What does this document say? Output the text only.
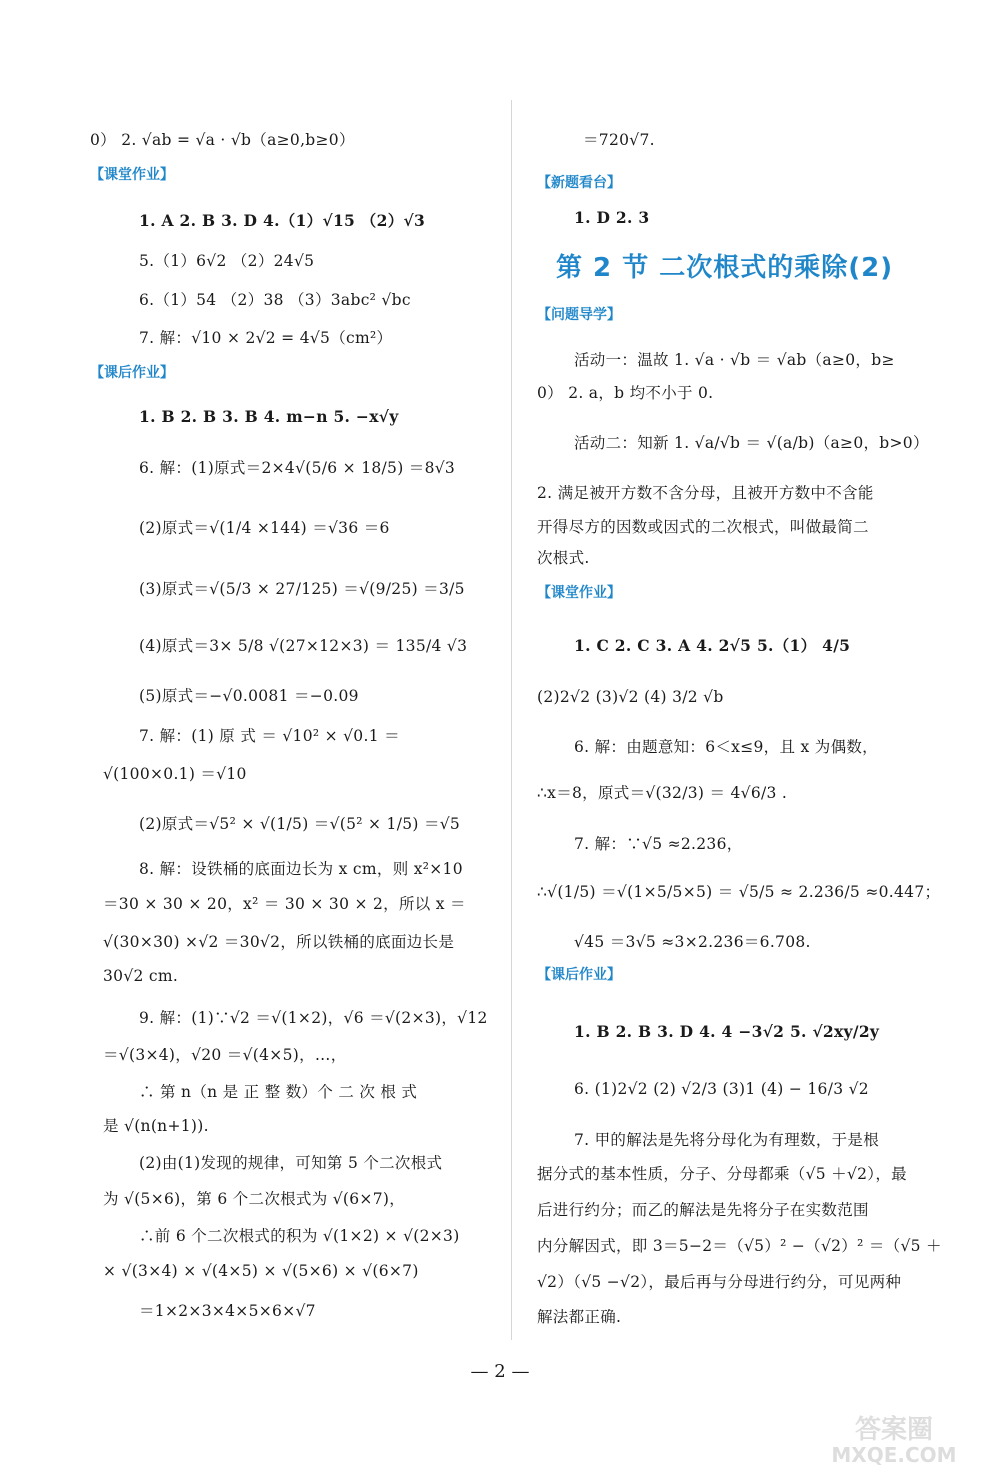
0） 2. √ab = √a · √b（a≥0,b≥0）
【课堂作业】
1. A 2. B 3. D 4.（1）√15 （2）√3
5.（1）6√2 （2）24√5
6.（1）54 （2）38 （3）3abc² √bc
7. 解：√10 × 2√2 = 4√5（cm²）
【课后作业】
1. B 2. B 3. B 4. m−n 5. −x√y
6. 解：(1)原式＝2×4√(5/6 × 18/5) ＝8√3
(2)原式＝√(1/4 ×144) ＝√36 ＝6
(3)原式＝√(5/3 × 27/125) ＝√(9/25) ＝3/5
(4)原式＝3× 5/8 √(27×12×3) ＝ 135/4 √3
(5)原式＝−√0.0081 ＝−0.09
7. 解：(1) 原 式 ＝ √10² × √0.1 ＝
√(100×0.1) ＝√10
(2)原式＝√5² × √(1/5) ＝√(5² × 1/5) ＝√5
8. 解：设铁桶的底面边长为 x cm，则 x²×10
＝30 × 30 × 20，x² ＝ 30 × 30 × 2，所以 x ＝
√(30×30) ×√2 ＝30√2，所以铁桶的底面边长是
30√2 cm.
9. 解：(1)∵√2 ＝√(1×2)，√6 ＝√(2×3)，√12
＝√(3×4)，√20 ＝√(4×5)，…，
∴ 第 n（n 是 正 整 数）个 二 次 根 式
是 √(n(n+1)).
(2)由(1)发现的规律，可知第 5 个二次根式
为 √(5×6)，第 6 个二次根式为 √(6×7)，
∴前 6 个二次根式的积为 √(1×2) × √(2×3)
× √(3×4) × √(4×5) × √(5×6) × √(6×7)
＝1×2×3×4×5×6×√7
＝720√7.
【新题看台】
1. D 2. 3
第 2 节 二次根式的乘除(2)
【问题导学】
活动一：温故 1. √a · √b ＝ √ab（a≥0，b≥
0） 2. a，b 均不小于 0.
活动二：知新 1. √a/√b ＝ √(a/b)（a≥0，b>0）
2. 满足被开方数不含分母，且被开方数中不含能
开得尽方的因数或因式的二次根式，叫做最简二
次根式.
【课堂作业】
1. C 2. C 3. A 4. 2√5 5.（1） 4/5
(2)2√2 (3)√2 (4) 3/2 √b
6. 解：由题意知：6＜x≤9，且 x 为偶数，
∴x＝8，原式＝√(32/3) ＝ 4√6/3 .
7. 解：∵√5 ≈2.236，
∴√(1/5) ＝√(1×5/5×5) ＝ √5/5 ≈ 2.236/5 ≈0.447；
√45 ＝3√5 ≈3×2.236＝6.708.
【课后作业】
1. B 2. B 3. D 4. 4 −3√2 5. √2xy/2y
6. (1)2√2 (2) √2/3 (3)1 (4) − 16/3 √2
7. 甲的解法是先将分母化为有理数，于是根
据分式的基本性质，分子、分母都乘（√5 ＋√2），最
后进行约分；而乙的解法是先将分子在实数范围
内分解因式，即 3＝5−2＝（√5）² −（√2）² ＝（√5 ＋
√2）（√5 −√2），最后再与分母进行约分，可见两种
解法都正确.
— 2 —
答案圈
MXQE.COM
